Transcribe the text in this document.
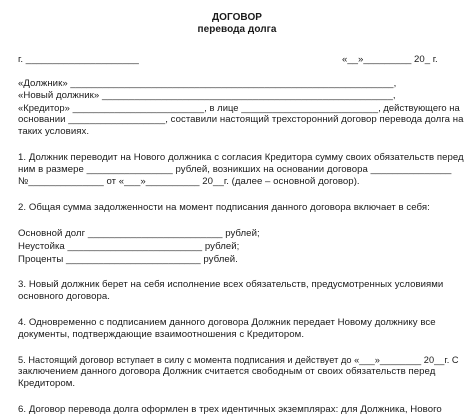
ДОГОВОР
перевода долга
г. _____________________	«__»_________ 20_ г.
«Должник» ____________________________________________________________,
«Новый должник» ______________________________________________________,
«Кредитор» _________________________, в лице __________________________, действующего на
основании __________________, составили настоящий трехсторонний договор перевода долга на
таких условиях.
1. Должник переводит на Нового должника с согласия Кредитора сумму своих обязательств перед
ним в размере ________________ рублей, возникших на основании договора _______________
№______________ от «___»__________ 20__г. (далее – основной договор).
2. Общая сумма задолженности на момент подписания данного договора включает в себя:
Основной долг _________________________ рублей;
Неустойка _________________________ рублей;
Проценты _________________________ рублей.
3. Новый должник берет на себя исполнение всех обязательств, предусмотренных условиями
основного договора.
4. Одновременно с подписанием данного договора Должник передает Новому должнику все
документы, подтверждающие взаимоотношения с Кредитором.
5. Настоящий договор вступает в силу с момента подписания и действует до «___»________ 20__г. С
заключением данного договора Должник считается свободным от своих обязательств перед
Кредитором.
6. Договор перевода долга оформлен в трех идентичных экземплярах: для Должника, Нового
